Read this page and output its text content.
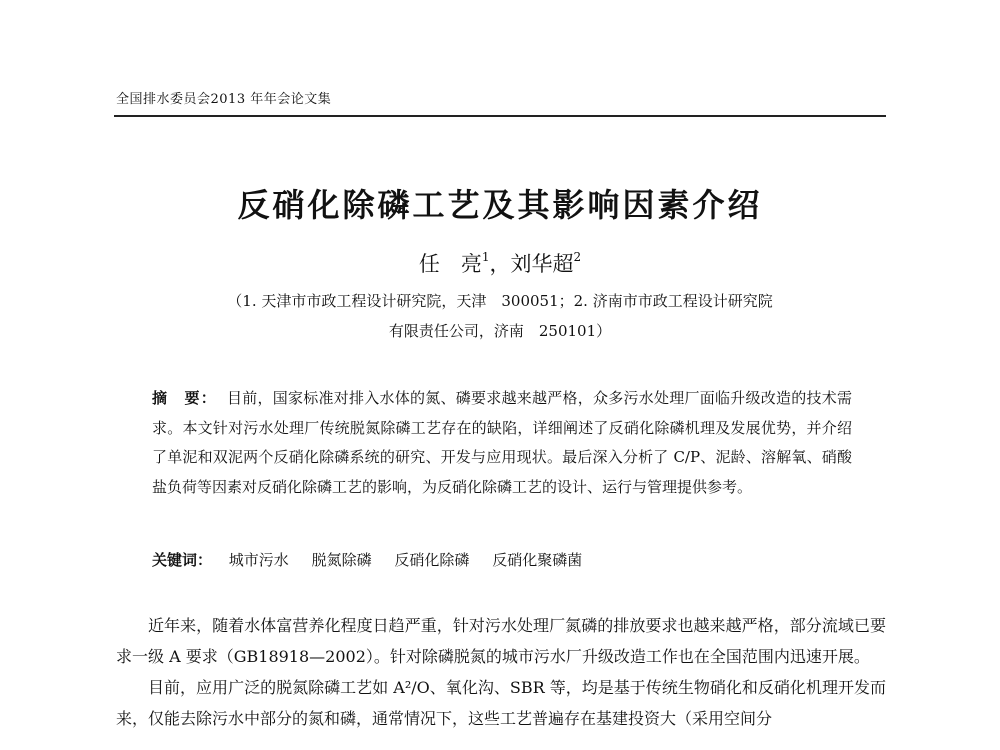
全国排水委员会2013 年年会论文集
反硝化除磷工艺及其影响因素介绍
任　亮$^1$，刘华超$^2$
（1. 天津市市政工程设计研究院，天津　300051；2. 济南市市政工程设计研究院
有限责任公司，济南　250101）
摘　要： 目前，国家标准对排入水体的氮、磷要求越来越严格，众多污水处理厂面临升级改造的技术需求。本文针对污水处理厂传统脱氮除磷工艺存在的缺陷，详细阐述了反硝化除磷机理及发展优势，并介绍了单泥和双泥两个反硝化除磷系统的研究、开发与应用现状。最后深入分析了 C/P、泥龄、溶解氧、硝酸盐负荷等因素对反硝化除磷工艺的影响，为反硝化除磷工艺的设计、运行与管理提供参考。
关键词： 城市污水 脱氮除磷 反硝化除磷 反硝化聚磷菌

近年来，随着水体富营养化程度日趋严重，针对污水处理厂氮磷的排放要求也越来越严格，部分流域已要求一级 A 要求（GB18918—2002）。针对除磷脱氮的城市污水厂升级改造工作也在全国范围内迅速开展。

目前，应用广泛的脱氮除磷工艺如 A²/O、氧化沟、SBR 等，均是基于传统生物硝化和反硝化机理开发而来，仅能去除污水中部分的氮和磷，通常情况下，这些工艺普遍存在基建投资大（采用空间分
